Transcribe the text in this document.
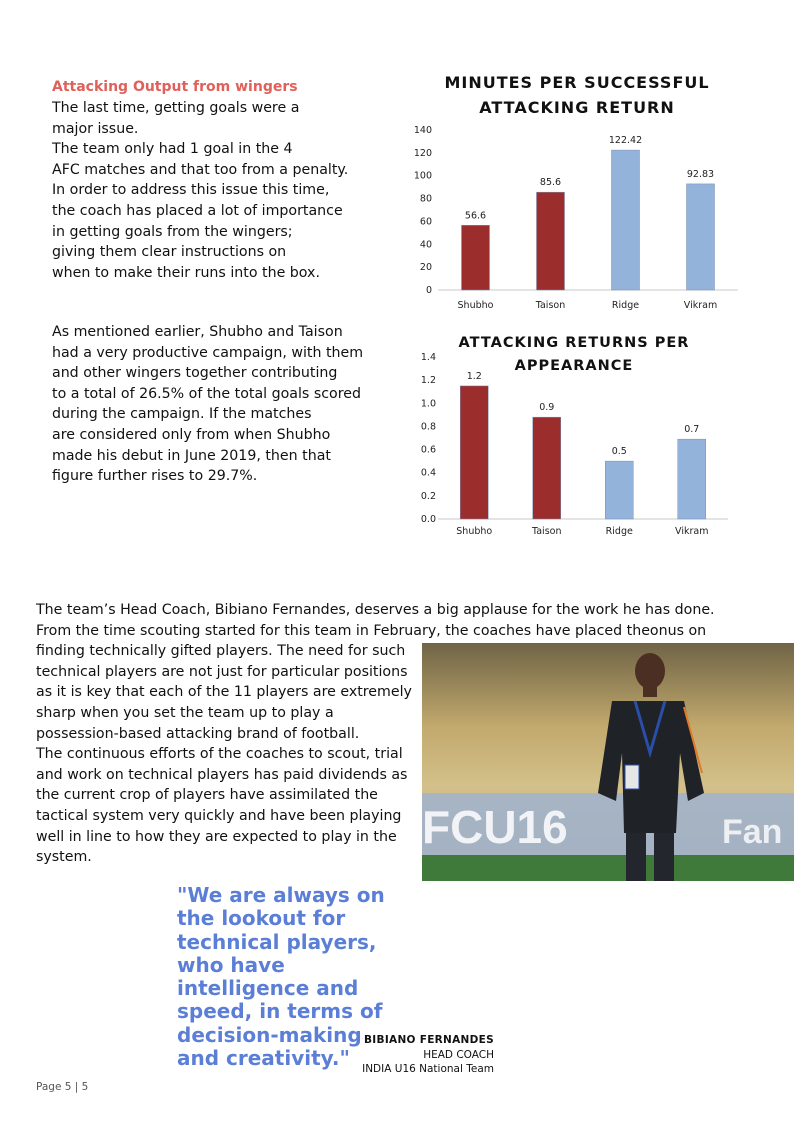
Attacking Output from wingers

The last time, getting goals were a
major issue.
The team only had 1 goal in the 4
AFC matches and that too from a penalty.
In order to address this issue this time,
the coach has placed a lot of importance
in getting goals from the wingers;
giving them clear instructions on
when to make their runs into the box.

As mentioned earlier, Shubho and Taison
had a very productive campaign, with them
and other wingers together contributing
to a total of 26.5% of the total goals scored
during the campaign. If the matches
are considered only from when Shubho
made his debut in June 2019, then that
figure further rises to 29.7%.

MINUTES PER SUCCESSFUL
ATTACKING RETURN
0
20
40
60
80
100
120
140
56.6
Shubho
85.6
Taison
122.42
Ridge
92.83
Vikram
ATTACKING RETURNS PER
APPEARANCE
0.0
0.2
0.4
0.6
0.8
1.0
1.2
1.4
1.2
Shubho
0.9
Taison
0.5
Ridge
0.7
Vikram

The team’s Head Coach, Bibiano Fernandes, deserves a big applause for the work he has done.
From the time scouting started for this team in February, the coaches have placed theonus on
finding technically gifted players. The need for such
technical players are not just for particular positions
as it is key that each of the 11 players are extremely
sharp when you set the team up to play a
possession-based attacking brand of football.
The continuous efforts of the coaches to scout, trial
and work on technical players has paid dividends as
the current crop of players have assimilated the
tactical system very quickly and have been playing
well in line to how they are expected to play in the
system.

FCU16	Fan

"We are always on
the lookout for
technical players,
who have
intelligence and
speed, in terms of
decision-making
and creativity."

BIBIANO FERNANDES
HEAD COACH
INDIA U16 National Team
Page 5 | 5
